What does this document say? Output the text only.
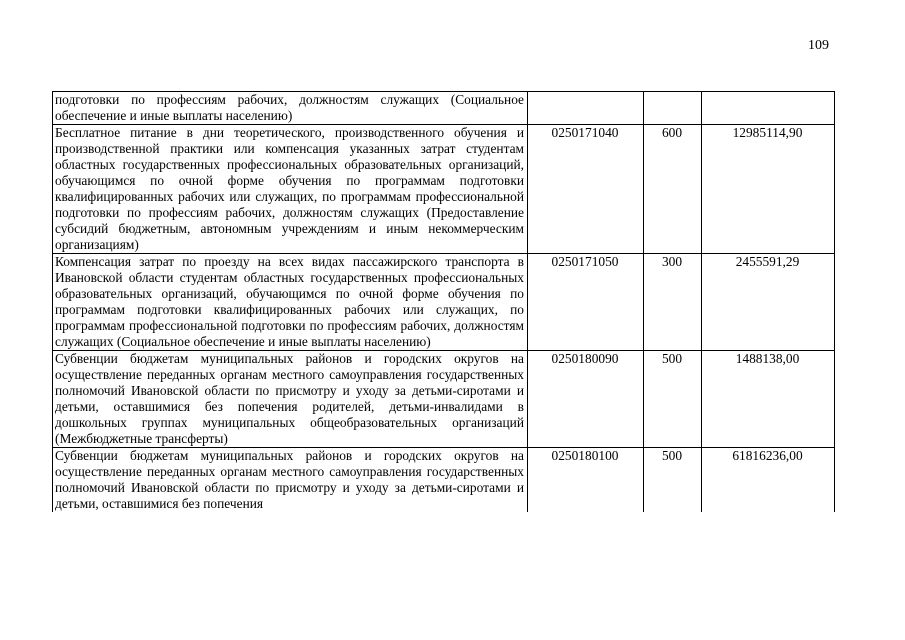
109
подготовки по профессиям рабочих, должностям служащих (Социальное обеспечение и иные выплаты населению)			
Бесплатное питание в дни теоретического, производственного обучения и производственной практики или компенсация указанных затрат студентам областных государственных профессиональных образовательных организаций, обучающимся по очной форме обучения по программам подготовки квалифицированных рабочих или служащих, по программам профессиональной подготовки по профессиям рабочих, должностям служащих (Предоставление субсидий бюджетным, автономным учреждениям и иным некоммерческим организациям)	0250171040	600	12985114,90
Компенсация затрат по проезду на всех видах пассажирского транспорта в Ивановской области студентам областных государственных профессиональных образовательных организаций, обучающимся по очной форме обучения по программам подготовки квалифицированных рабочих или служащих, по программам профессиональной подготовки по профессиям рабочих, должностям служащих (Социальное обеспечение и иные выплаты населению)	0250171050	300	2455591,29
Субвенции бюджетам муниципальных районов и городских округов на осуществление переданных органам местного самоуправления государственных полномочий Ивановской области по присмотру и уходу за детьми-сиротами и детьми, оставшимися без попечения родителей, детьми-инвалидами в дошкольных группах муниципальных общеобразовательных организаций (Межбюджетные трансферты)	0250180090	500	1488138,00
Субвенции бюджетам муниципальных районов и городских округов на осуществление переданных органам местного самоуправления государственных полномочий Ивановской области по присмотру и уходу за детьми-сиротами и детьми, оставшимися без попечения	0250180100	500	61816236,00
